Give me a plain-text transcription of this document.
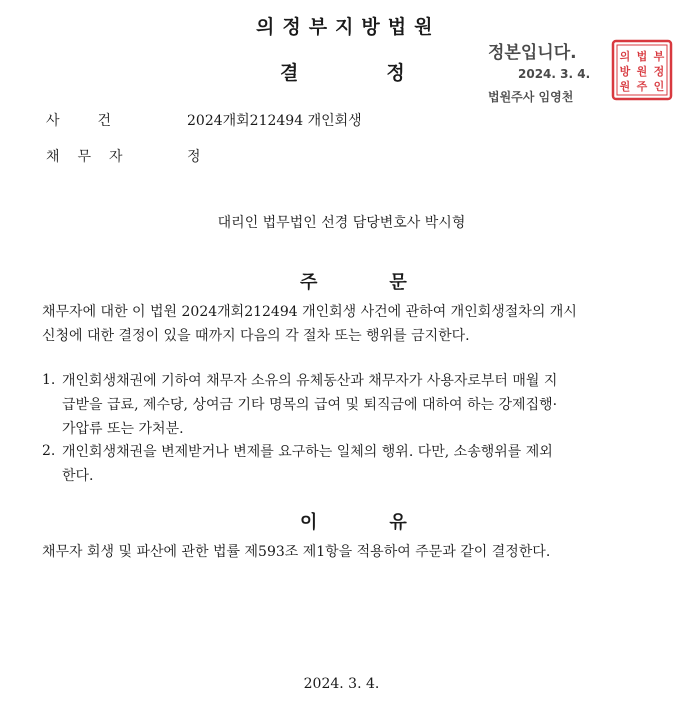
의정부지방법원
결정
정본입니다.
2024. 3. 4.
법원주사 임영천
의 법 부
방 원 정
원 주 인
사건	2024개회212494 개인회생
채무자	정
대리인 법무법인 선경 담당변호사 박시형
주문
채무자에 대한 이 법원 2024개회212494 개인회생 사건에 관하여 개인회생절차의 개시
신청에 대한 결정이 있을 때까지 다음의 각 절차 또는 행위를 금지한다.
1. 개인회생채권에 기하여 채무자 소유의 유체동산과 채무자가 사용자로부터 매월 지
급받을 급료, 제수당, 상여금 기타 명목의 급여 및 퇴직금에 대하여 하는 강제집행·
가압류 또는 가처분.
2. 개인회생채권을 변제받거나 변제를 요구하는 일체의 행위. 다만, 소송행위를 제외
한다.
이유
채무자 회생 및 파산에 관한 법률 제593조 제1항을 적용하여 주문과 같이 결정한다.
2024. 3. 4.
